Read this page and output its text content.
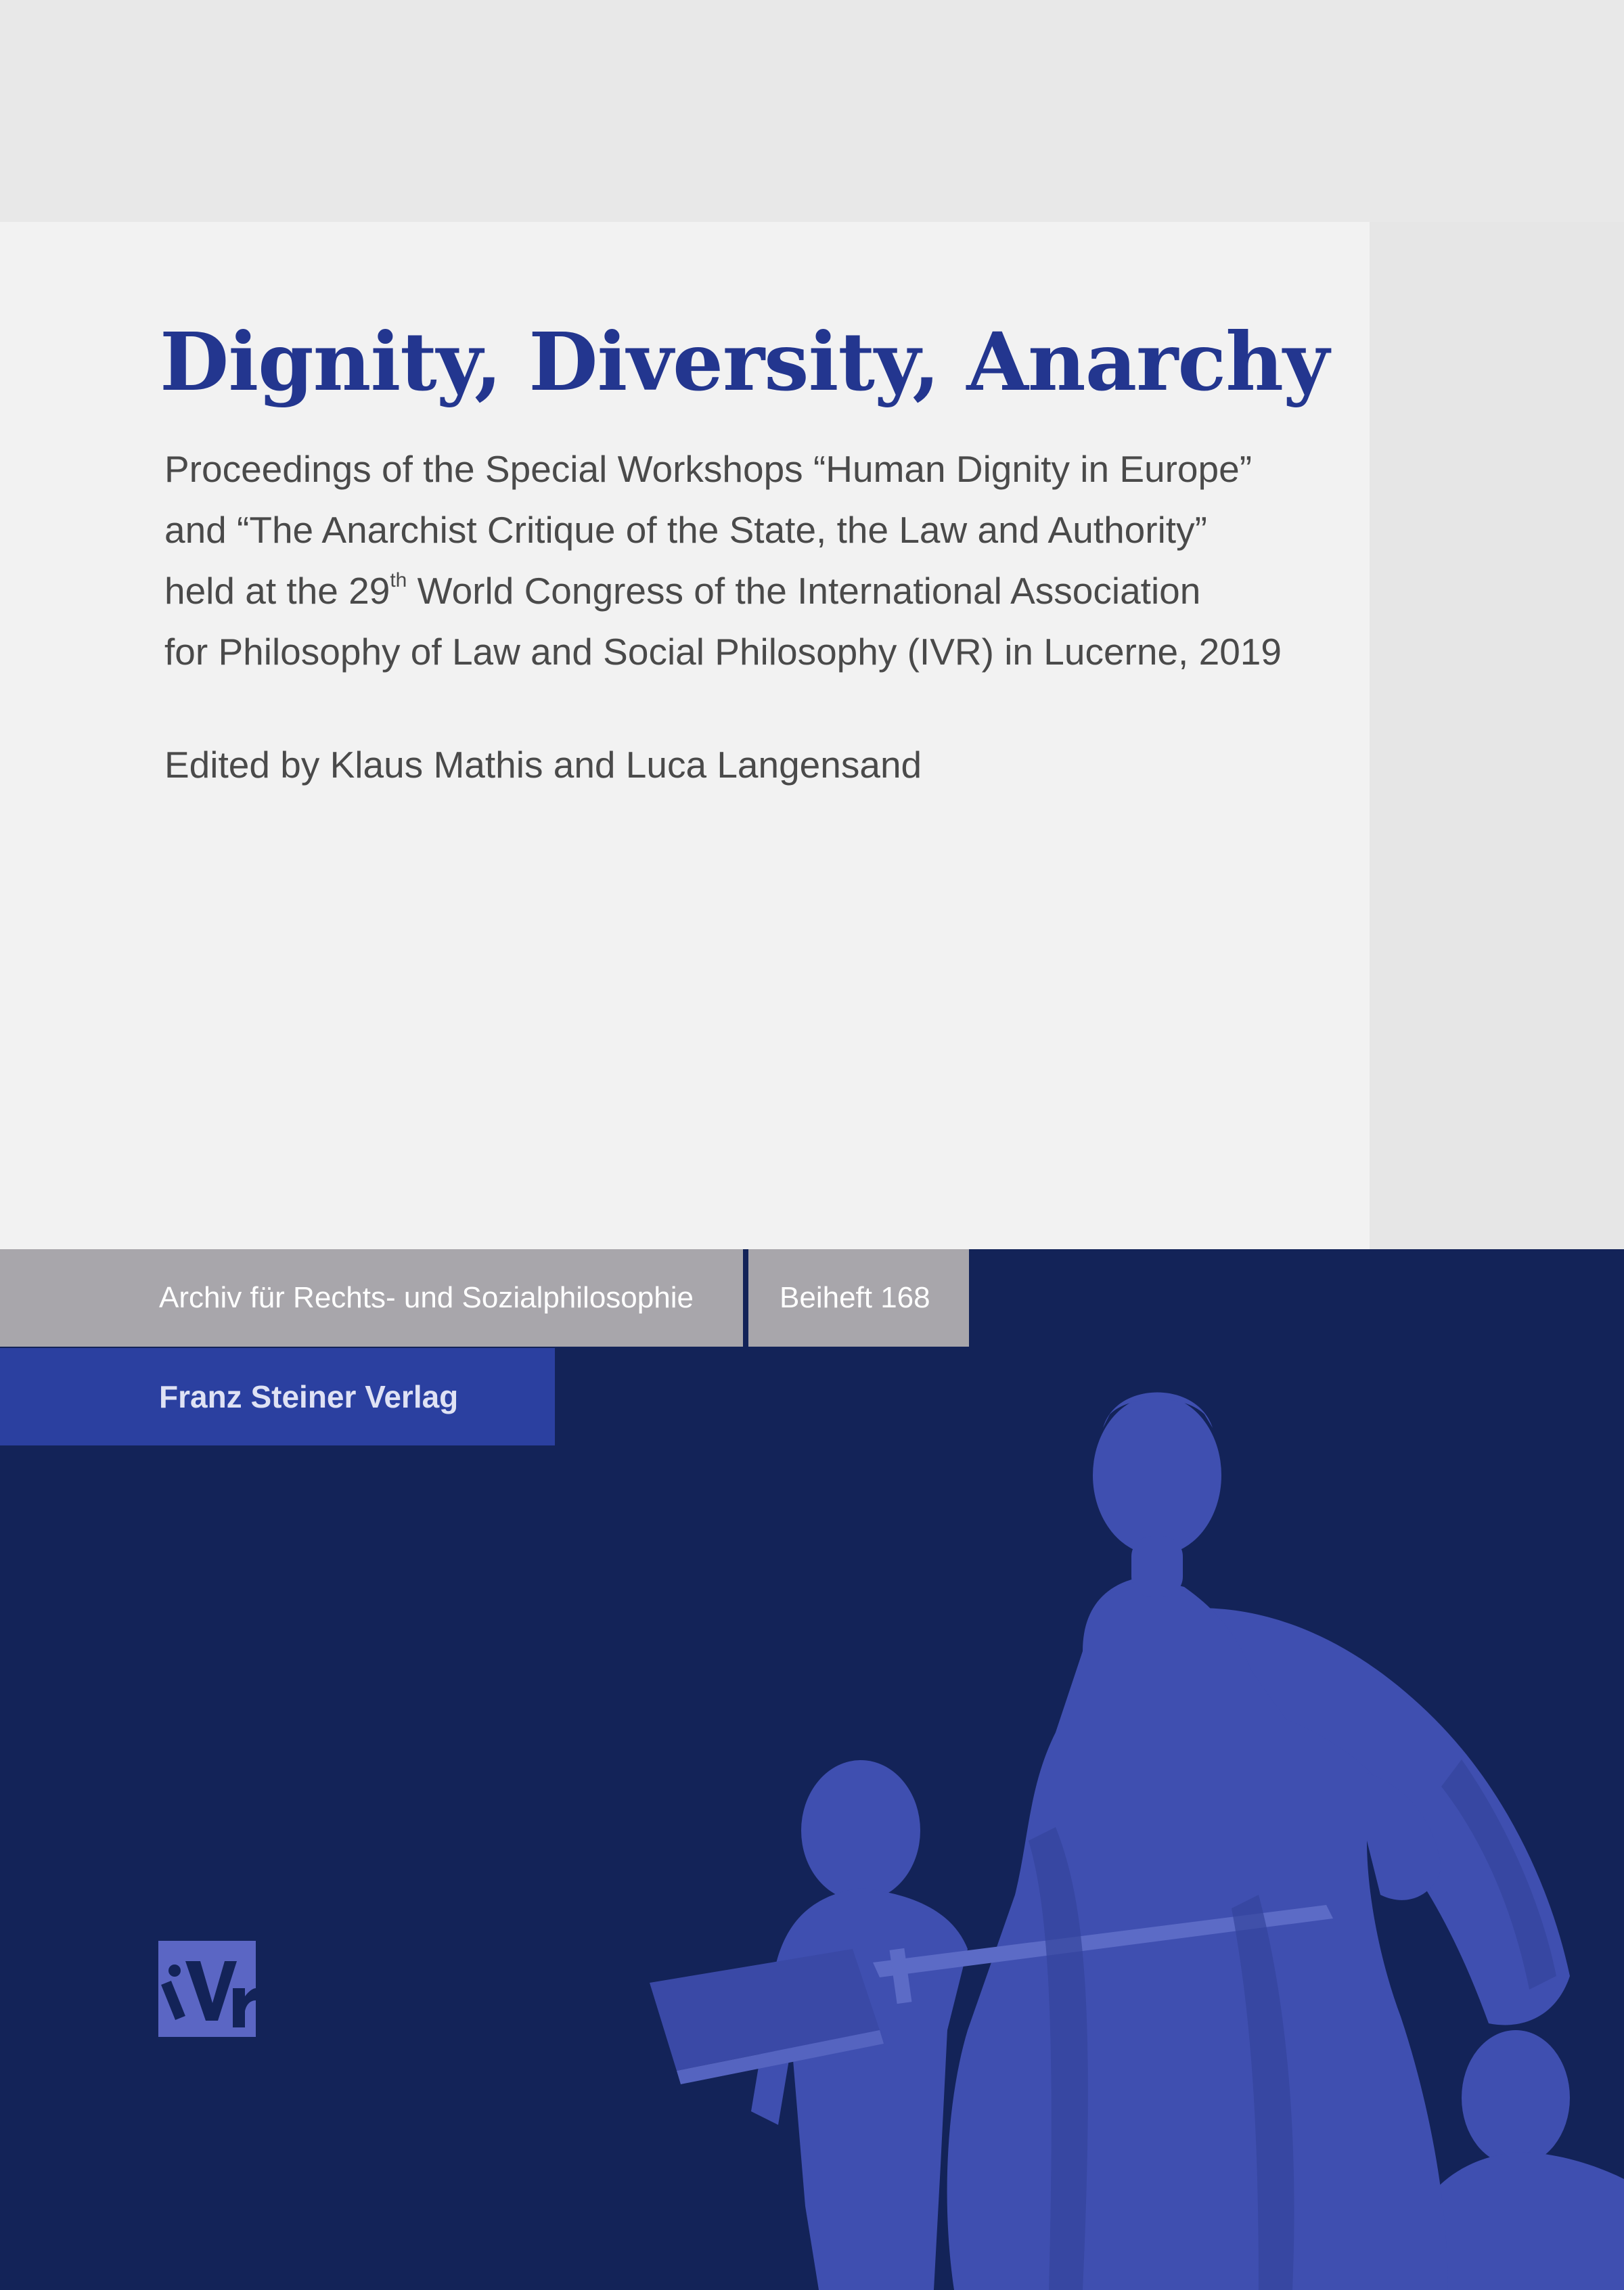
Dignity, Diversity, Anarchy

Proceedings of the Special Workshops “Human Dignity in Europe”
and “The Anarchist Critique of the State, the Law and Authority”
held at the 29th World Congress of the International Association
for Philosophy of Law and Social Philosophy (IVR) in Lucerne, 2019

Edited by Klaus Mathis and Luca Langensand

Archiv für Rechts- und Sozialphilosophie	Beiheft 168
Franz Steiner Verlag
